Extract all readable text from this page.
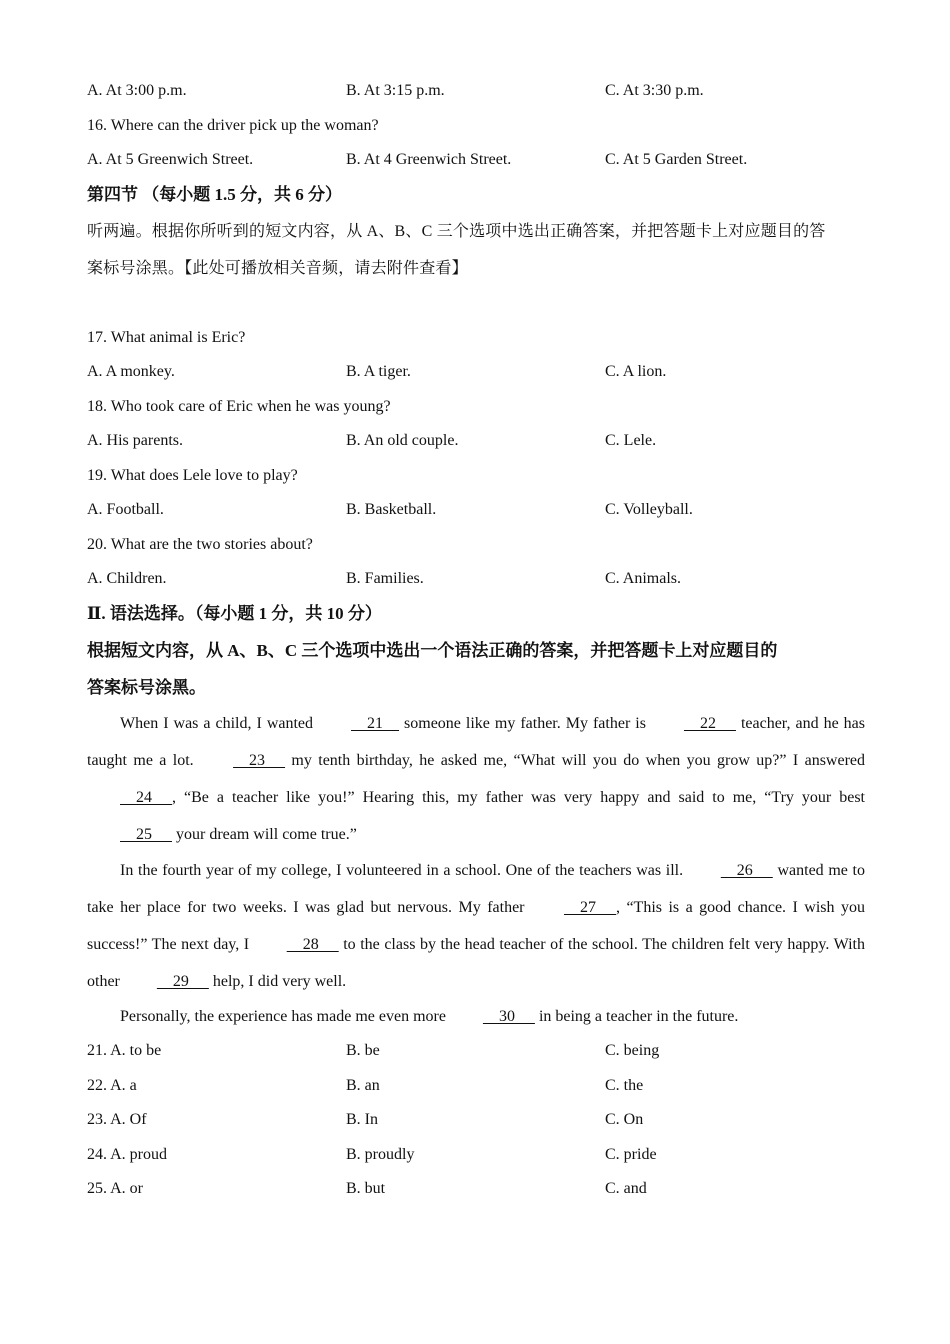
A. At 3:00 p.m.	B. At 3:15 p.m.	C. At 3:30 p.m.
16. Where can the driver pick up the woman?
A. At 5 Greenwich Street.	B. At 4 Greenwich Street.	C. At 5 Garden Street.
第四节 （每小题 1.5 分，共 6 分）
听两遍。根据你所听到的短文内容，从 A、B、C 三个选项中选出正确答案，并把答题卡上对应题目的答
案标号涂黑。【此处可播放相关音频，请去附件查看】
17. What animal is Eric?
A. A monkey.	B. A tiger.	C. A lion.
18. Who took care of Eric when he was young?
A. His parents.	B. An old couple.	C. Lele.
19. What does Lele love to play?
A. Football.	B. Basketball.	C. Volleyball.
20. What are the two stories about?
A. Children.	B. Families.	C. Animals.
Ⅱ. 语法选择。（每小题 1 分，共 10 分）
根据短文内容，从 A、B、C 三个选项中选出一个语法正确的答案，并把答题卡上对应题目的
答案标号涂黑。
When I was a child, I wanted     21     someone like my father. My father is     22      teacher, and he has taught me a lot.     23      my tenth birthday, he asked me, “What will you do when you grow up?” I answered     24     , “Be a teacher like you!” Hearing this, my father was very happy and said to me, “Try your best     25      your dream will come true.”
In the fourth year of my college, I volunteered in a school. One of the teachers was ill.     26      wanted me to take her place for two weeks. I was glad but nervous. My father     27     , “This is a good chance. I wish you success!” The next day, I     28      to the class by the head teacher of the school. The children felt very happy. With other     29      help, I did very well.
Personally, the experience has made me even more     30      in being a teacher in the future.
21. A. to be	B. be	C. being
22. A. a	B. an	C. the
23. A. Of	B. In	C. On
24. A. proud	B. proudly	C. pride
25. A. or	B. but	C. and
